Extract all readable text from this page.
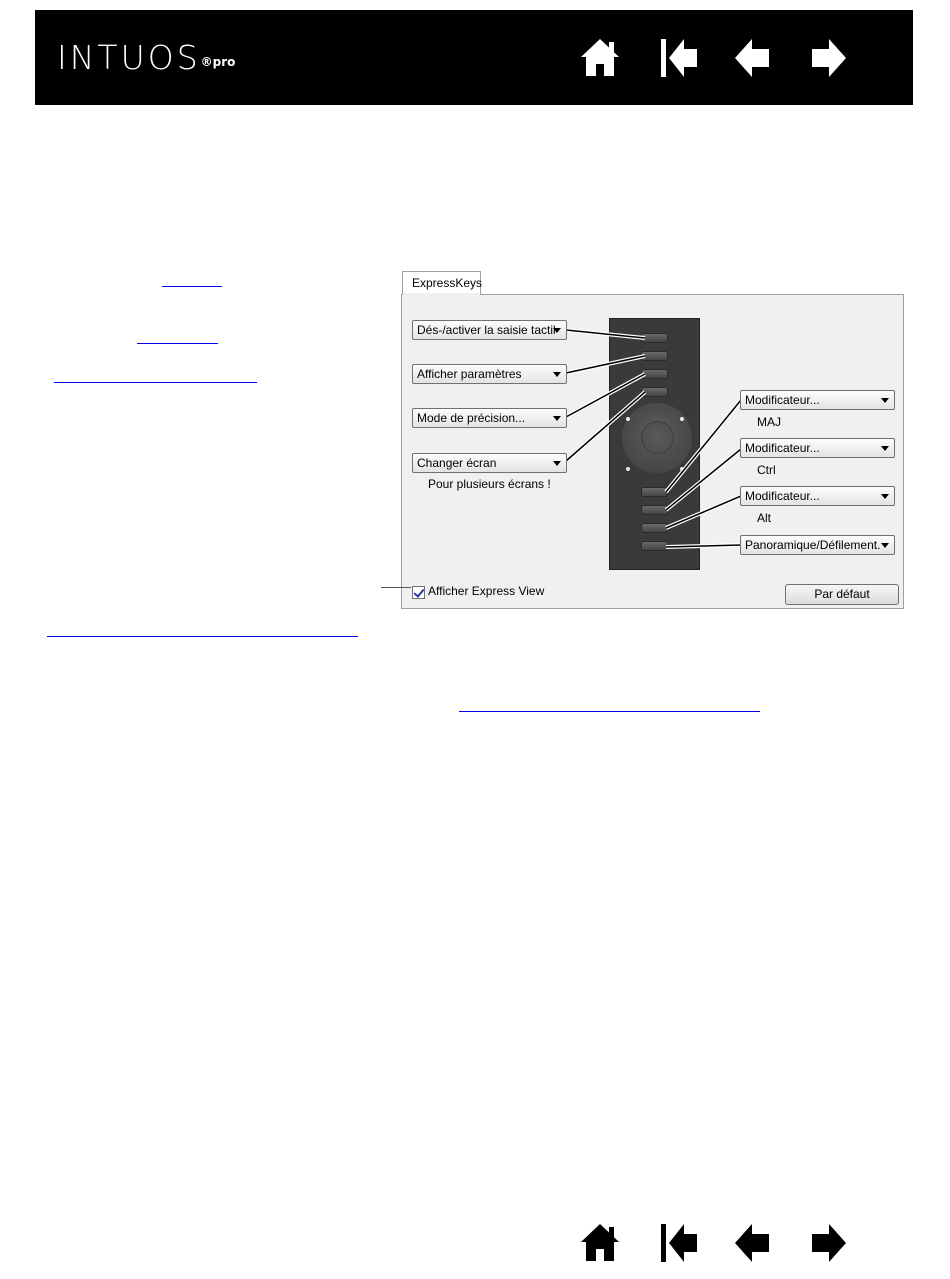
$INTUOS^{®pro}$
ExpressKeys
Dés-/activer la saisie tactil
Afficher paramètres
Mode de précision...
Changer écran
Pour plusieurs écrans !
Modificateur...
MAJ
Modificateur...
Ctrl
Modificateur...
Alt
Panoramique/Défilement.
Afficher Express View	Par défaut
